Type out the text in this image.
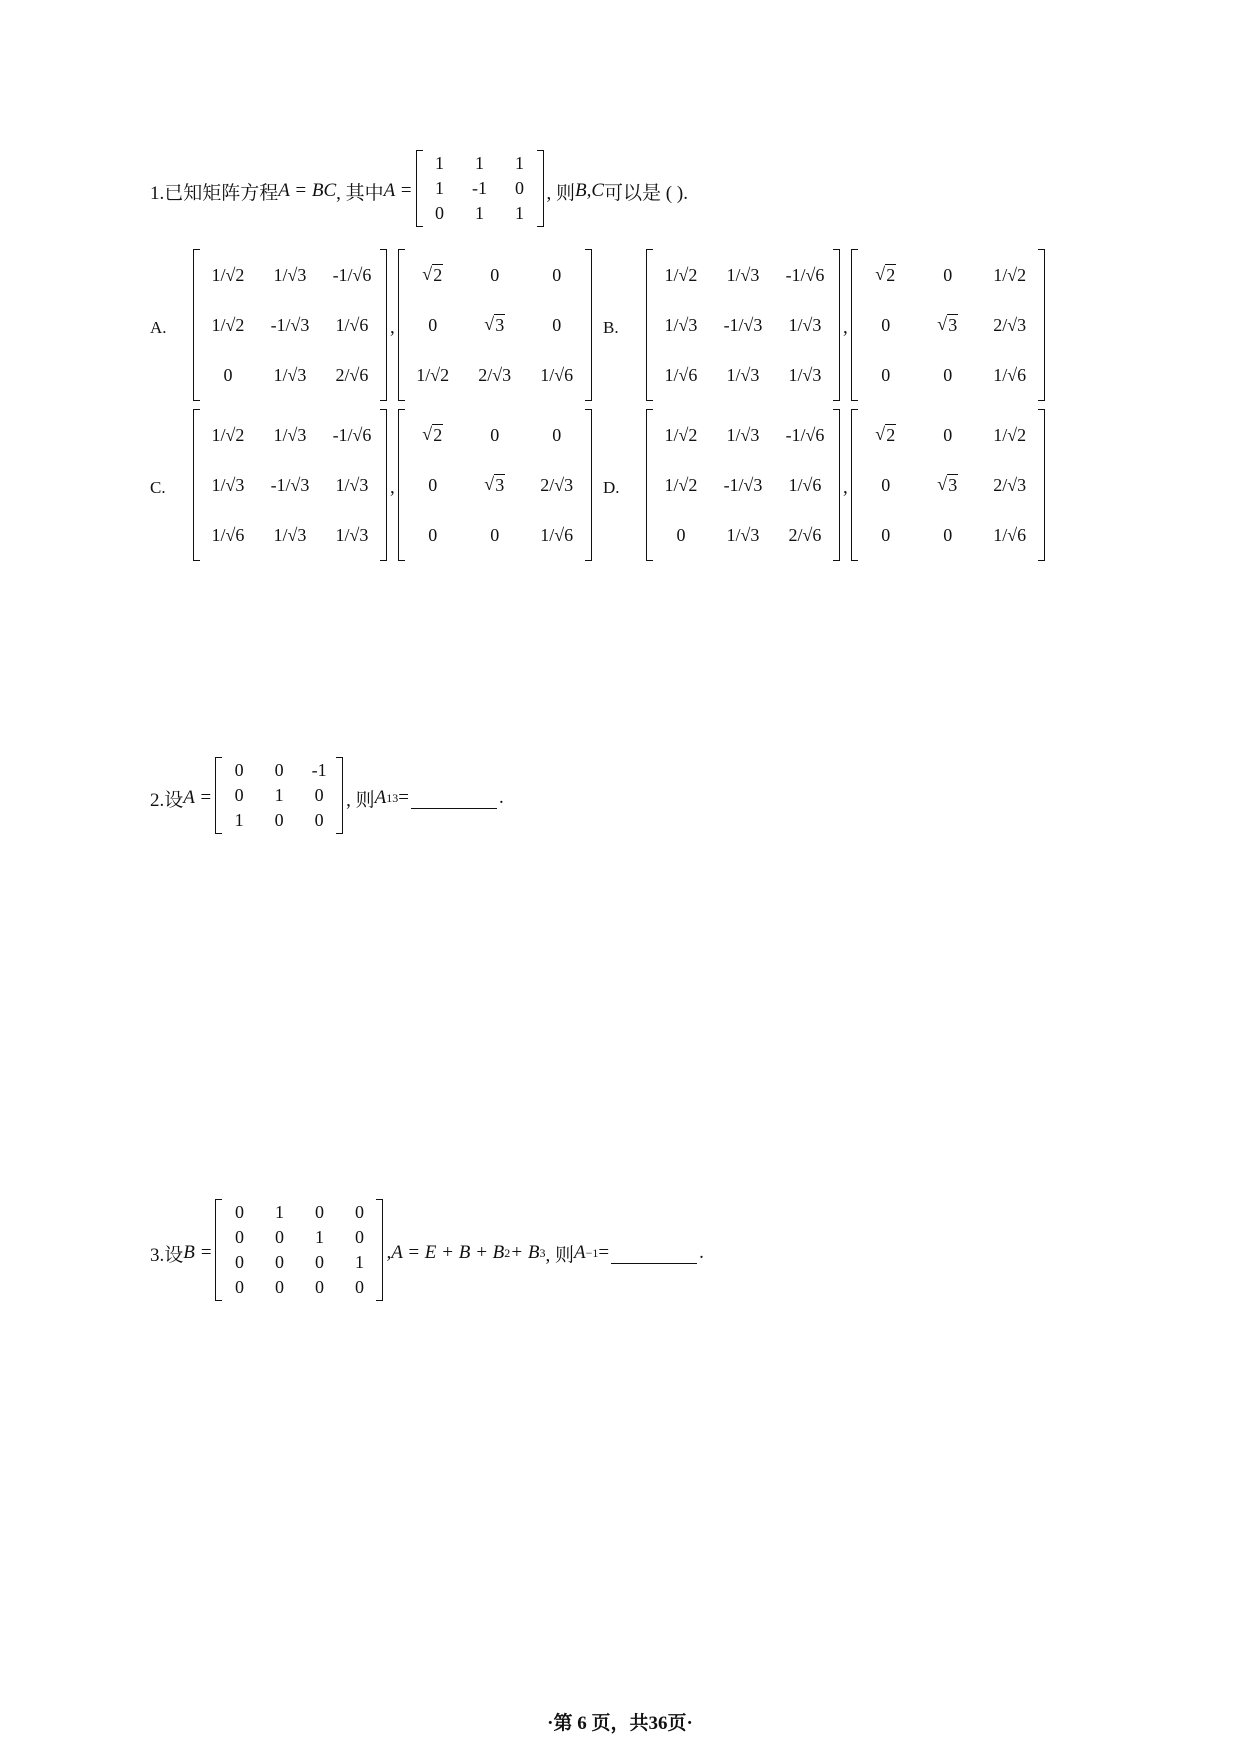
1.已知矩阵方程 A = BC , 其中 A =
1	1	1
1	-1	0
0	1	1
, 则 B,C 可以是 ( ).
A.
1/√2	1/√3	-1/√6
1/√2	-1/√3	1/√6
0	1/√3	2/√6
,
√ 2	0	0
0	√ 3	0
1/√2	2/√3	1/√6
B.
1/√2	1/√3	-1/√6
1/√3	-1/√3	1/√3
1/√6	1/√3	1/√3
,
√ 2	0	1/√2
0	√ 3	2/√3
0	0	1/√6
C.
1/√2	1/√3	-1/√6
1/√3	-1/√3	1/√3
1/√6	1/√3	1/√3
,
√ 2	0	0
0	√ 3	2/√3
0	0	1/√6
D.
1/√2	1/√3	-1/√6
1/√2	-1/√3	1/√6
0	1/√3	2/√6
,
√ 2	0	1/√2
0	√ 3	2/√3
0	0	1/√6
2.设 A =
0	0	-1
0	1	0
1	0	0
, 则 A 13 =	.
3.设 B =
0	1	0	0
0	0	1	0
0	0	0	1
0	0	0	0
,A = E + B + B 2 + B 3 , 则 A −1 =	.
·第 6 页，共36页·
